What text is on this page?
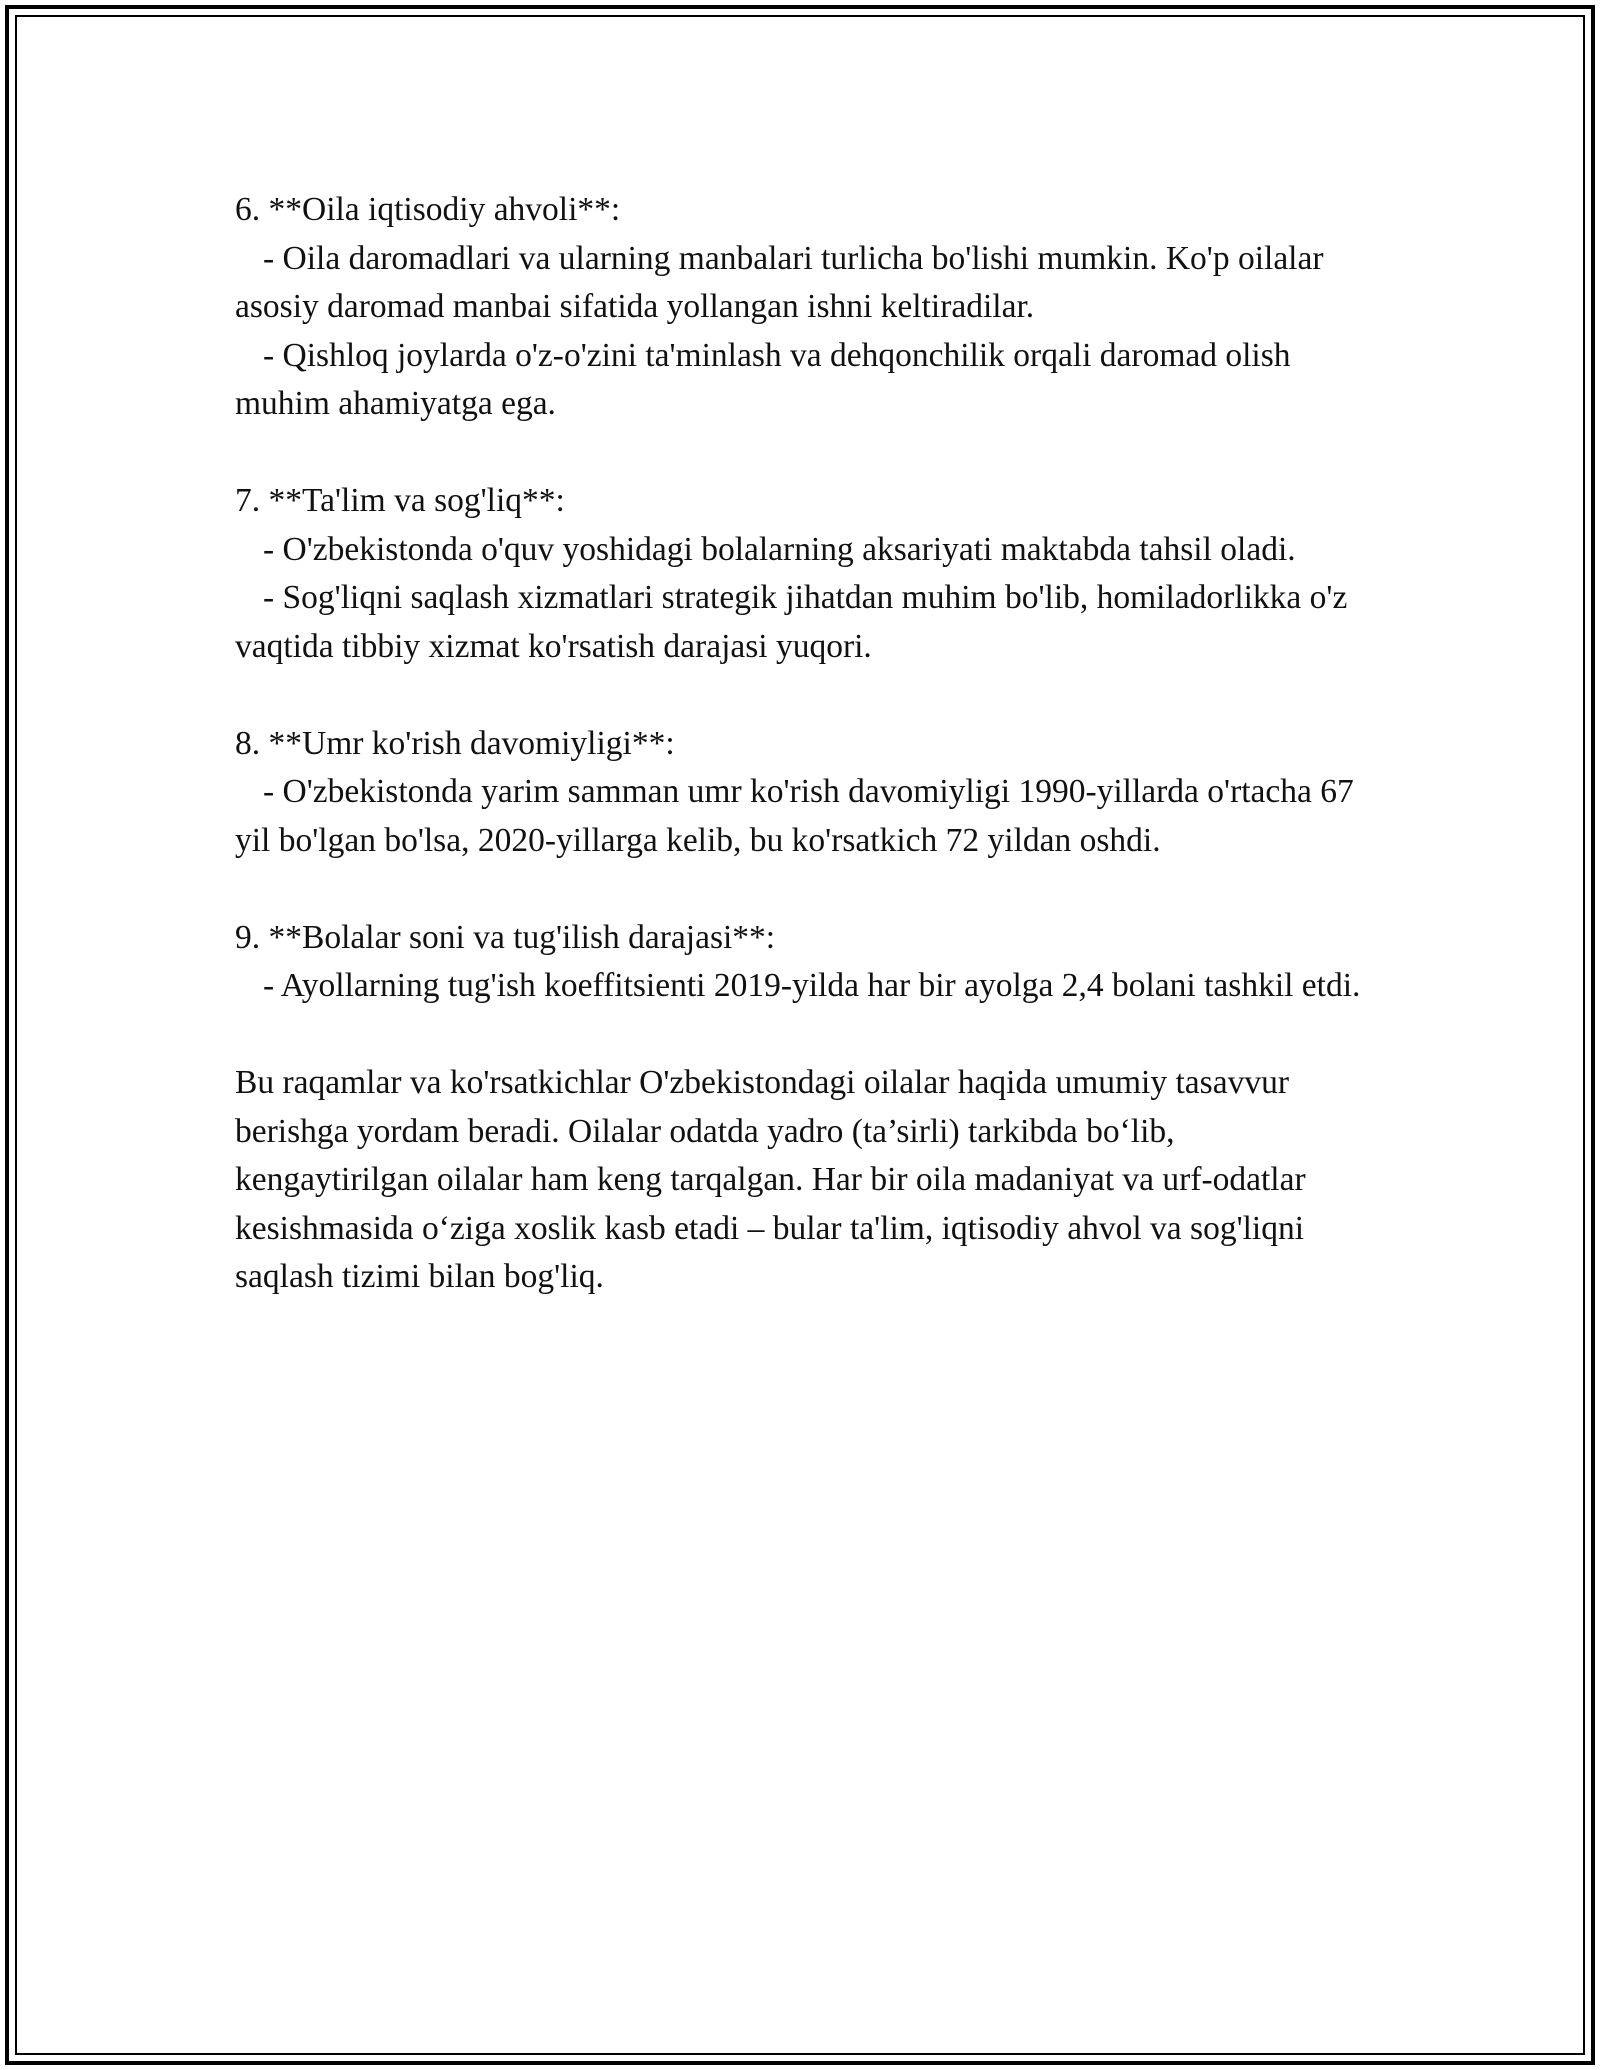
6. **Oila iqtisodiy ahvoli**:

- Oila daromadlari va ularning manbalari turlicha bo'lishi mumkin. Ko'p oilalar asosiy daromad manbai sifatida yollangan ishni keltiradilar.

- Qishloq joylarda o'z-o'zini ta'minlash va dehqonchilik orqali daromad olish muhim ahamiyatga ega.

7. **Ta'lim va sog'liq**:

- O'zbekistonda o'quv yoshidagi bolalarning aksariyati maktabda tahsil oladi.

- Sog'liqni saqlash xizmatlari strategik jihatdan muhim bo'lib, homiladorlikka o'z vaqtida tibbiy xizmat ko'rsatish darajasi yuqori.

8. **Umr ko'rish davomiyligi**:

- O'zbekistonda yarim samman umr ko'rish davomiyligi 1990-yillarda o'rtacha 67 yil bo'lgan bo'lsa, 2020-yillarga kelib, bu ko'rsatkich 72 yildan oshdi.

9. **Bolalar soni va tug'ilish darajasi**:

- Ayollarning tug'ish koeffitsienti 2019-yilda har bir ayolga 2,4 bolani tashkil etdi.

Bu raqamlar va ko'rsatkichlar O'zbekistondagi oilalar haqida umumiy tasavvur berishga yordam beradi. Oilalar odatda yadro (ta’sirli) tarkibda bo‘lib, kengaytirilgan oilalar ham keng tarqalgan. Har bir oila madaniyat va urf-odatlar kesishmasida o‘ziga xoslik kasb etadi – bular ta'lim, iqtisodiy ahvol va sog'liqni saqlash tizimi bilan bog'liq.
